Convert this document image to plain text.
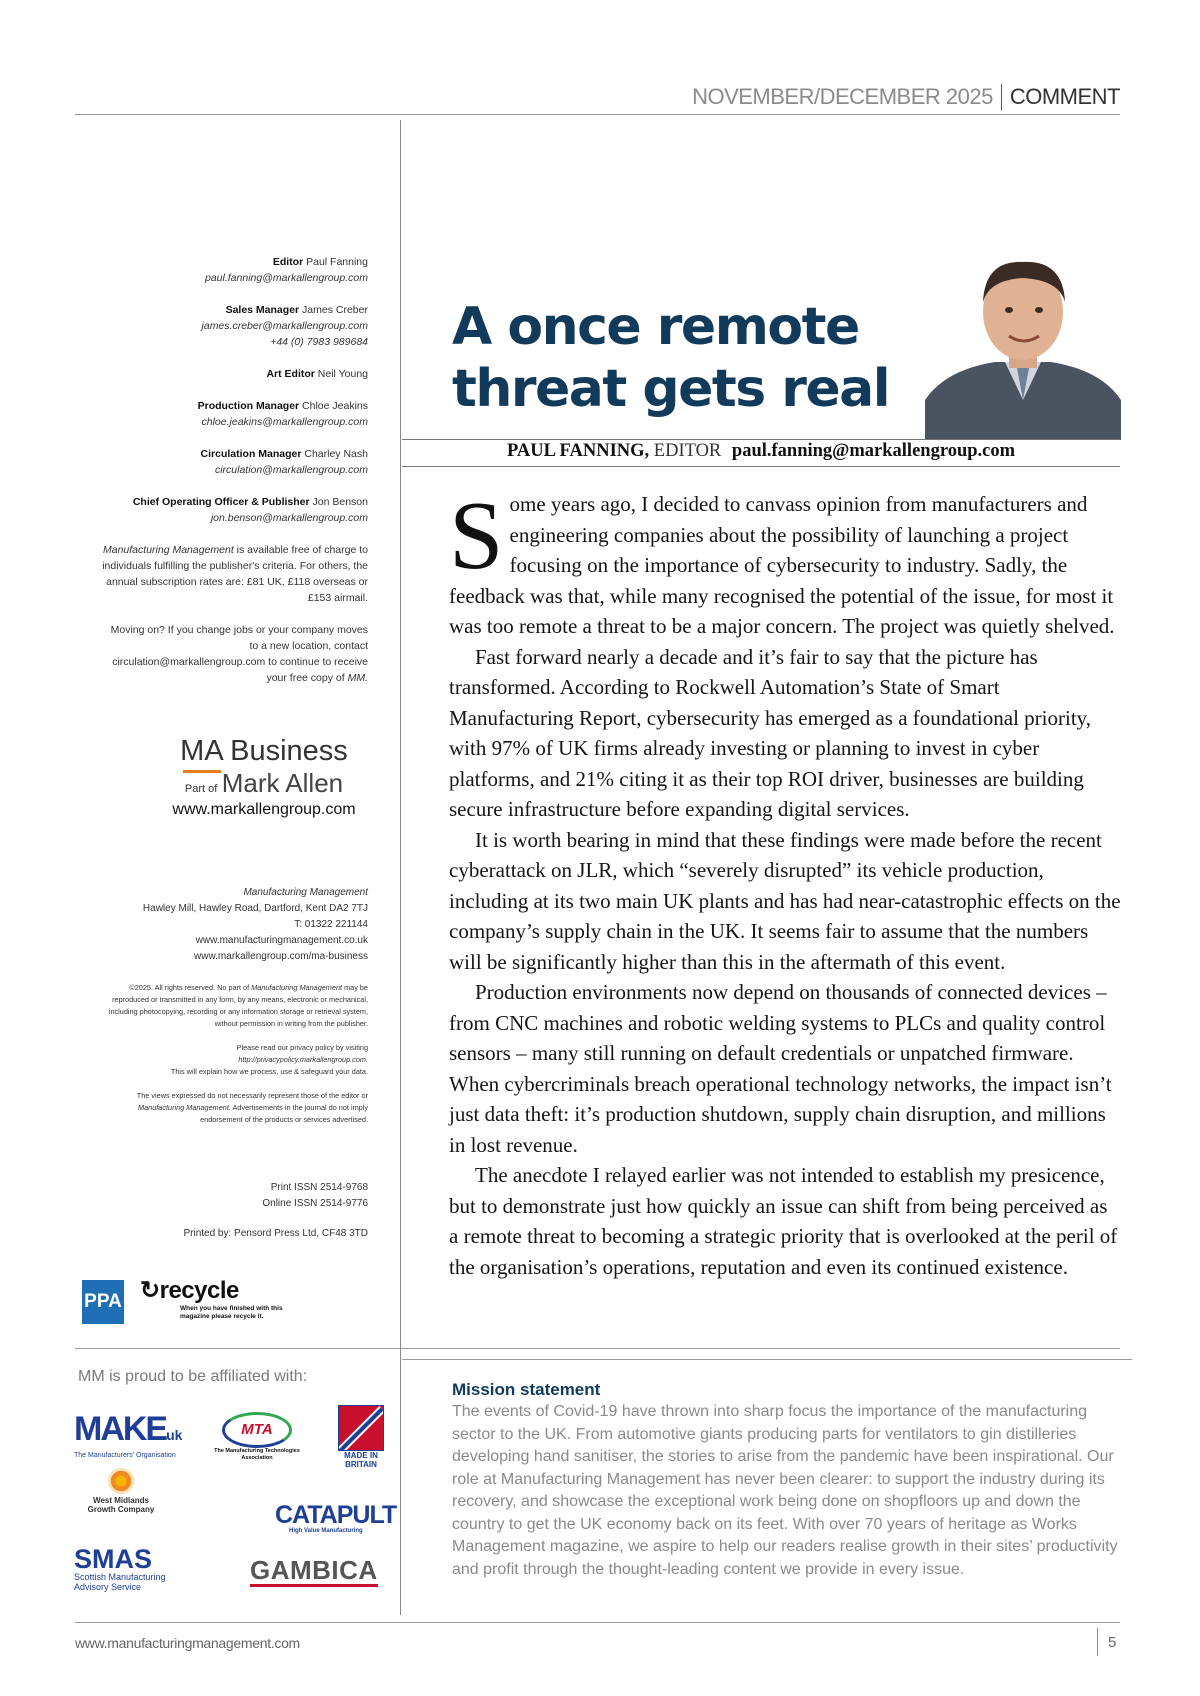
NOVEMBER/DECEMBER 2025 COMMENT
Editor Paul Fanning
paul.fanning@markallengroup.com
Sales Manager James Creber
james.creber@markallengroup.com
+44 (0) 7983 989684
Art Editor Neil Young
Production Manager Chloe Jeakins
chloe.jeakins@markallengroup.com
Circulation Manager Charley Nash
circulation@markallengroup.com
Chief Operating Officer & Publisher Jon Benson
jon.benson@markallengroup.com
Manufacturing Management is available free of charge to individuals fulfilling the publisher's criteria. For others, the annual subscription rates are: £81 UK, £118 overseas or £153 airmail.
Moving on? If you change jobs or your company moves to a new location, contact circulation@markallengroup.com to continue to receive your free copy of MM.
MA Business
Part of Mark Allen
www.markallengroup.com
Manufacturing Management
Hawley Mill, Hawley Road, Dartford, Kent DA2 7TJ
T: 01322 221144
www.manufacturingmanagement.co.uk
www.markallengroup.com/ma-business
©2025. All rights reserved. No part of Manufacturing Management may be reproduced or transmitted in any form, by any means, electronic or mechanical, including photocopying, recording or any information storage or retrieval system, without permission in writing from the publisher.
Please read our privacy policy by visiting
http://privacypolicy.markallengroup.com.
This will explain how we process, use & safeguard your data.
The views expressed do not necessarily represent those of the editor or Manufacturing Management. Advertisements in the journal do not imply endorsement of the products or services advertised.
Print ISSN 2514-9768
Online ISSN 2514-9776
Printed by: Pensord Press Ltd, CF48 3TD
PPA ↻recycle
When you have finished with this magazine please recycle it.
MM is proud to be affiliated with:
MAKEuk
The Manufacturers' Organisation
MTA
The Manufacturing Technologies Association	MADE IN
BRITAIN
West Midlands
Growth Company	CATAPULT
High Value Manufacturing
SMAS
Scottish Manufacturing
Advisory Service
GAMBICA
A once remote
threat gets real
PAUL FANNING, EDITOR paul.fanning@markallengroup.com

Some years ago, I decided to canvass opinion from manufacturers and engineering companies about the possibility of launching a project focusing on the importance of cybersecurity to industry. Sadly, the feedback was that, while many recognised the potential of the issue, for most it was too remote a threat to be a major concern. The project was quietly shelved.

Fast forward nearly a decade and it’s fair to say that the picture has transformed. According to Rockwell Automation’s State of Smart Manufacturing Report, cybersecurity has emerged as a foundational priority, with 97% of UK firms already investing or planning to invest in cyber platforms, and 21% citing it as their top ROI driver, businesses are building secure infrastructure before expanding digital services.

It is worth bearing in mind that these findings were made before the recent cyberattack on JLR, which “severely disrupted” its vehicle production, including at its two main UK plants and has had near-catastrophic effects on the company’s supply chain in the UK. It seems fair to assume that the numbers will be significantly higher than this in the aftermath of this event.

Production environments now depend on thousands of connected devices – from CNC machines and robotic welding systems to PLCs and quality control sensors – many still running on default credentials or unpatched firmware. When cybercriminals breach operational technology networks, the impact isn’t just data theft: it’s production shutdown, supply chain disruption, and millions in lost revenue.

The anecdote I relayed earlier was not intended to establish my presicence, but to demonstrate just how quickly an issue can shift from being perceived as a remote threat to becoming a strategic priority that is overlooked at the peril of the organisation’s operations, reputation and even its continued existence.

Mission statement
The events of Covid-19 have thrown into sharp focus the importance of the manufacturing sector to the UK. From automotive giants producing parts for ventilators to gin distilleries developing hand sanitiser, the stories to arise from the pandemic have been inspirational. Our role at Manufacturing Management has never been clearer: to support the industry during its recovery, and showcase the exceptional work being done on shopfloors up and down the country to get the UK economy back on its feet. With over 70 years of heritage as Works Management magazine, we aspire to help our readers realise growth in their sites’ productivity and profit through the thought-leading content we provide in every issue.
www.manufacturingmanagement.com	5
